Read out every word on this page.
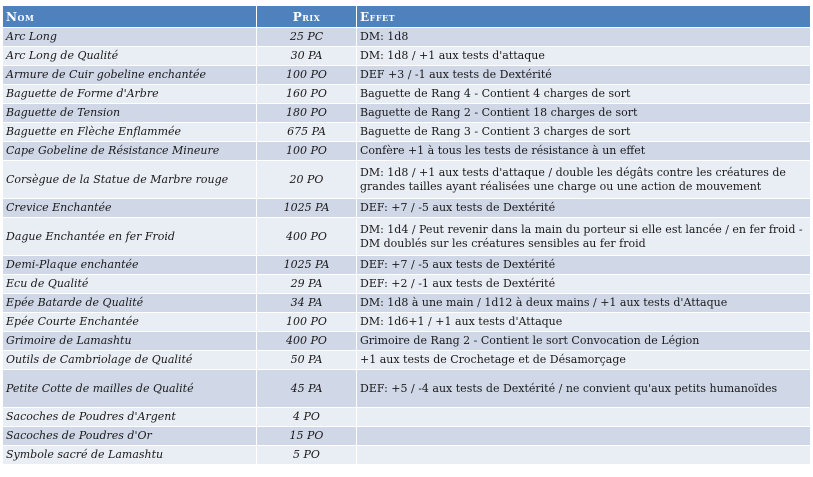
Nom	Prix	Effet
Arc Long	25 PC	DM: 1d8
Arc Long de Qualité	30 PA	DM: 1d8 / +1 aux tests d'attaque
Armure de Cuir gobeline enchantée	100 PO	DEF +3 / -1 aux tests de Dextérité
Baguette de Forme d'Arbre	160 PO	Baguette de Rang 4 - Contient 4 charges de sort
Baguette de Tension	180 PO	Baguette de Rang 2 - Contient 18 charges de sort
Baguette en Flèche Enflammée	675 PA	Baguette de Rang 3 - Contient 3 charges de sort
Cape Gobeline de Résistance Mineure	100 PO	Confère +1 à tous les tests de résistance à un effet
Corsègue de la Statue de Marbre rouge	20 PO	DM: 1d8 / +1 aux tests d'attaque / double les dégâts contre les créatures de grandes tailles ayant réalisées une charge ou une action de mouvement
Crevice Enchantée	1025 PA	DEF: +7 / -5 aux tests de Dextérité
Dague Enchantée en fer Froid	400 PO	DM: 1d4 / Peut revenir dans la main du porteur si elle est lancée / en fer froid - DM doublés sur les créatures sensibles au fer froid
Demi-Plaque enchantée	1025 PA	DEF: +7 / -5 aux tests de Dextérité
Ecu de Qualité	29 PA	DEF: +2 / -1 aux tests de Dextérité
Epée Batarde de Qualité	34 PA	DM: 1d8 à une main / 1d12 à deux mains / +1 aux tests d'Attaque
Epée Courte Enchantée	100 PO	DM: 1d6+1 / +1 aux tests d'Attaque
Grimoire de Lamashtu	400 PO	Grimoire de Rang 2 - Contient le sort Convocation de Légion
Outils de Cambriolage de Qualité	50 PA	+1 aux tests de Crochetage et de Désamorçage
Petite Cotte de mailles de Qualité	45 PA	DEF: +5 / -4 aux tests de Dextérité / ne convient qu'aux petits humanoïdes
Sacoches de Poudres d'Argent	4 PO	
Sacoches de Poudres d'Or	15 PO	
Symbole sacré de Lamashtu	5 PO	
